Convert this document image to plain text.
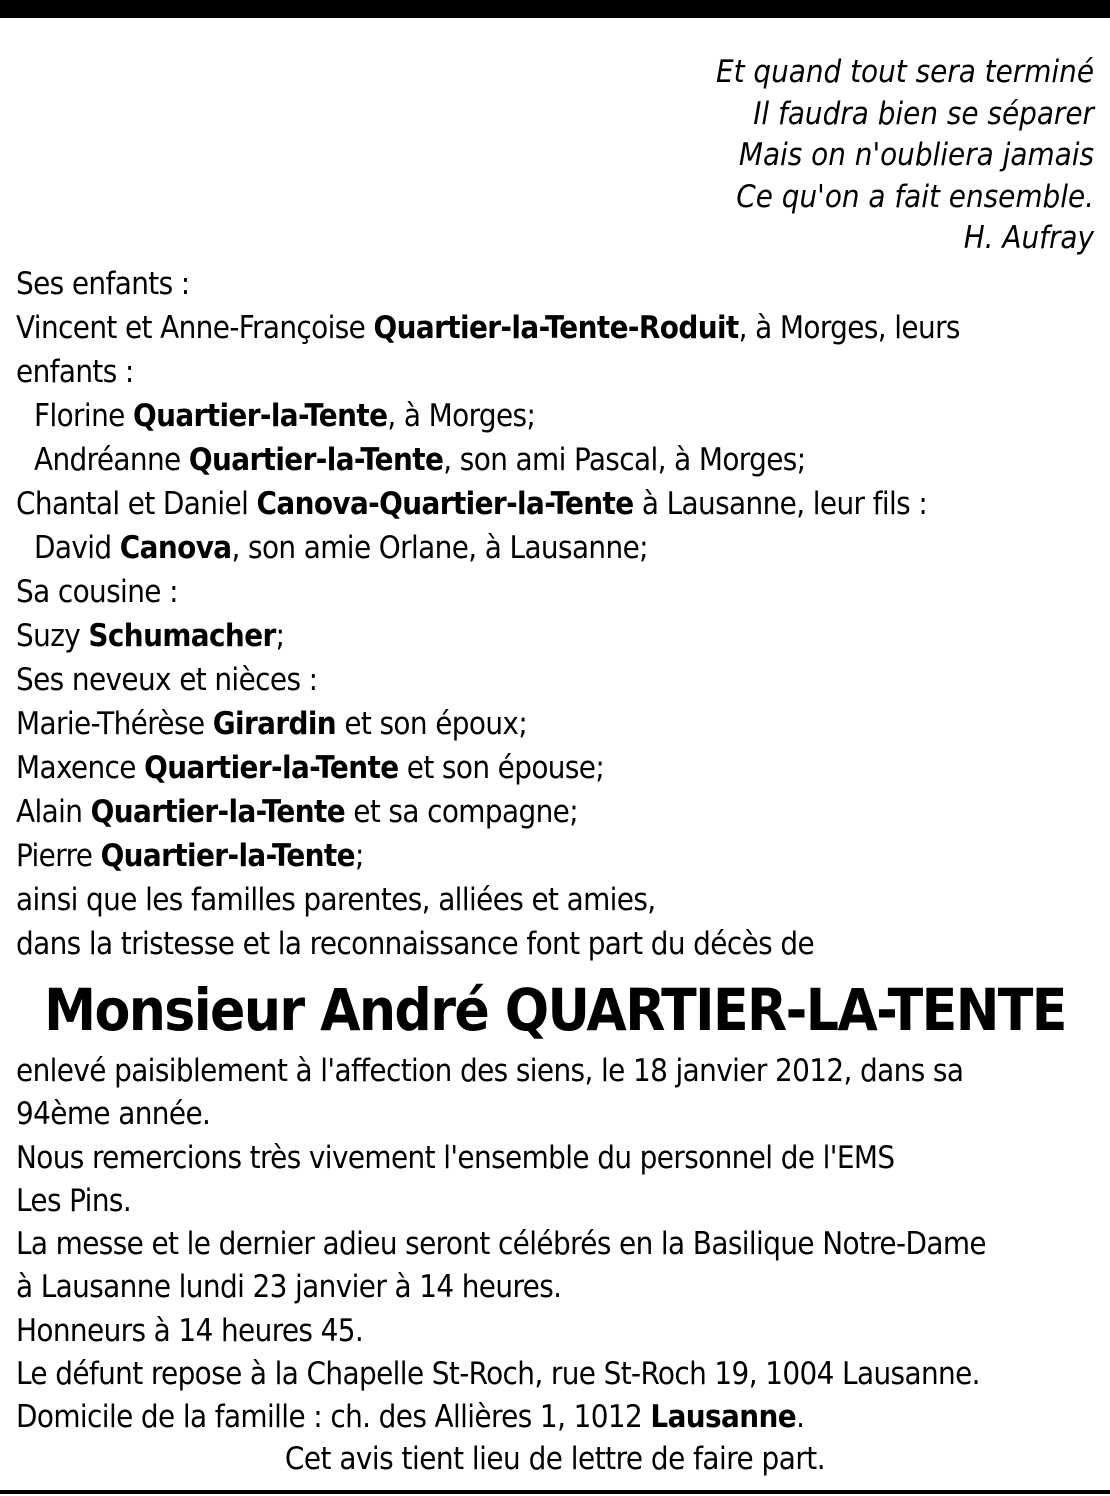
Et quand tout sera terminé
Il faudra bien se séparer
Mais on n'oubliera jamais
Ce qu'on a fait ensemble.
H. Aufray
Ses enfants :
Vincent et Anne-Françoise Quartier-la-Tente-Roduit, à Morges, leurs
enfants :
Florine Quartier-la-Tente, à Morges;
Andréanne Quartier-la-Tente, son ami Pascal, à Morges;
Chantal et Daniel Canova-Quartier-la-Tente à Lausanne, leur fils :
David Canova, son amie Orlane, à Lausanne;
Sa cousine :
Suzy Schumacher;
Ses neveux et nièces :
Marie-Thérèse Girardin et son époux;
Maxence Quartier-la-Tente et son épouse;
Alain Quartier-la-Tente et sa compagne;
Pierre Quartier-la-Tente;
ainsi que les familles parentes, alliées et amies,
dans la tristesse et la reconnaissance font part du décès de
Monsieur André QUARTIER-LA-TENTE
enlevé paisiblement à l'affection des siens, le 18 janvier 2012, dans sa
94ème année.
Nous remercions très vivement l'ensemble du personnel de l'EMS
Les Pins.
La messe et le dernier adieu seront célébrés en la Basilique Notre-Dame
à Lausanne lundi 23 janvier à 14 heures.
Honneurs à 14 heures 45.
Le défunt repose à la Chapelle St-Roch, rue St-Roch 19, 1004 Lausanne.
Domicile de la famille : ch. des Allières 1, 1012 Lausanne.
Cet avis tient lieu de lettre de faire part.
